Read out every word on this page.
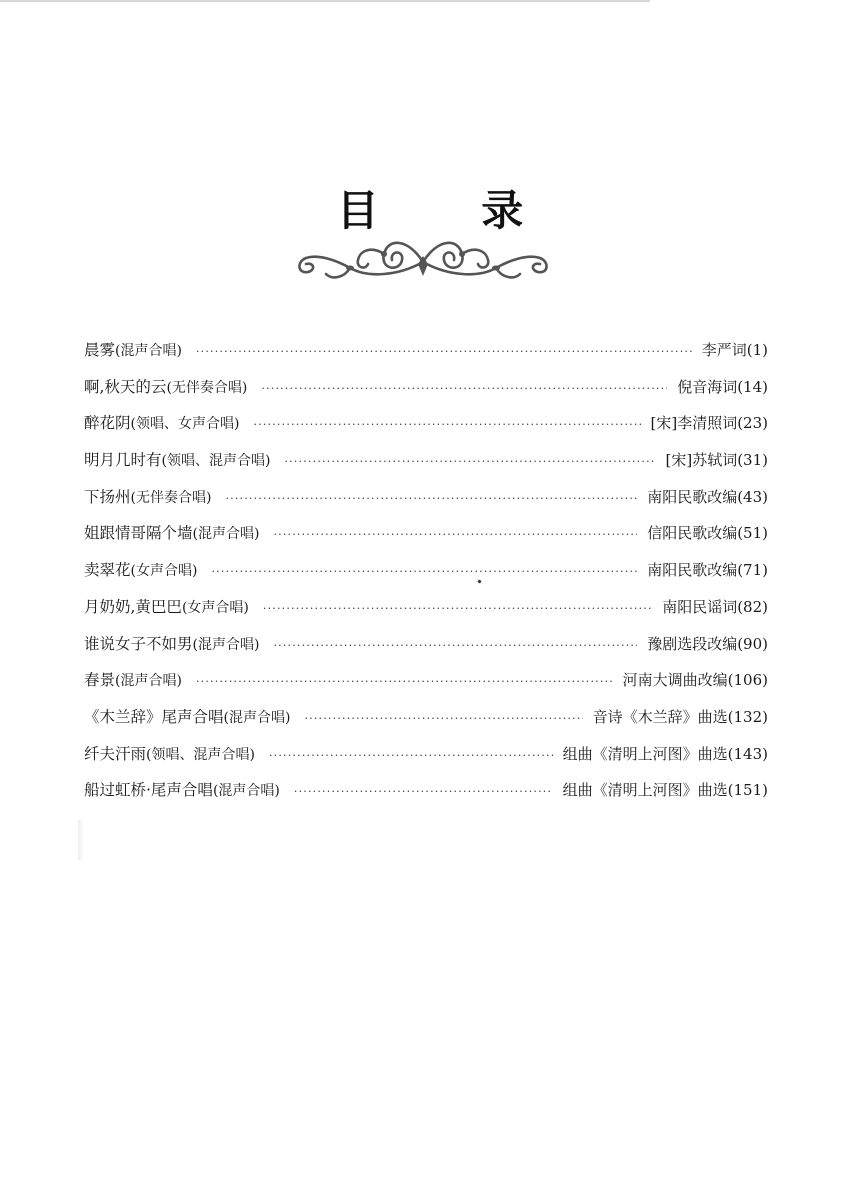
目 录
晨雾(混声合唱) ·····	李严词(1)
啊,秋天的云(无伴奏合唱) ·····	倪音海词(14)
醉花阴(领唱、女声合唱) ·····	[宋]李清照词(23)
明月几时有(领唱、混声合唱) ·····	[宋]苏轼词(31)
下扬州(无伴奏合唱) ·····	南阳民歌改编(43)
姐跟情哥隔个墙(混声合唱) ·····	信阳民歌改编(51)
卖翠花(女声合唱) ·····	南阳民歌改编(71)
月奶奶,黄巴巴(女声合唱) ·····	南阳民谣词(82)
谁说女子不如男(混声合唱) ·····	豫剧选段改编(90)
春景(混声合唱) ·····	河南大调曲改编(106)
《木兰辞》尾声合唱(混声合唱) ·····	音诗《木兰辞》曲选(132)
纤夫汗雨(领唱、混声合唱) ·····	组曲《清明上河图》曲选(143)
船过虹桥·尾声合唱(混声合唱) ·····	组曲《清明上河图》曲选(151)
